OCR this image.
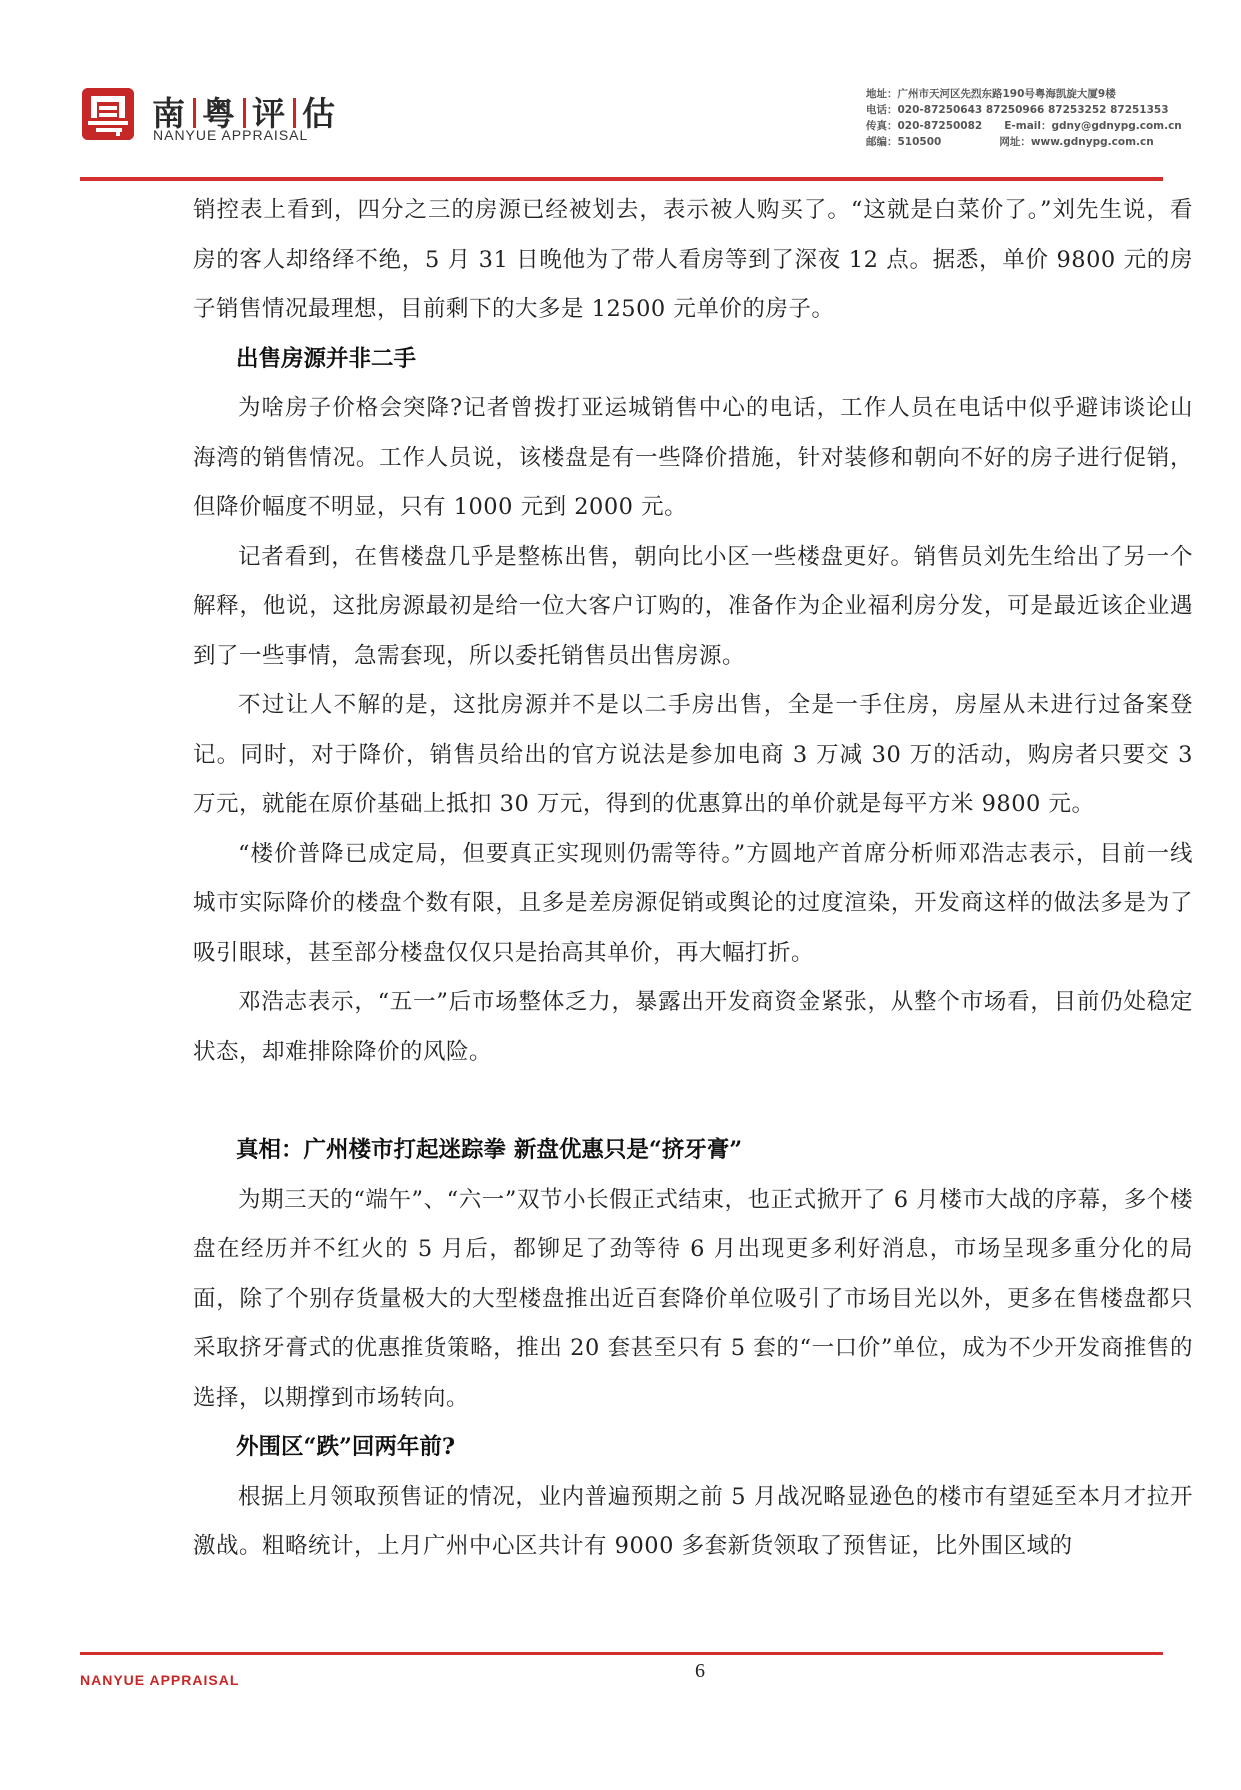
南 粤 评 估
NANYUE APPRAISAL
地址：广州市天河区先烈东路190号粤海凯旋大厦9楼
电话：020-87250643 87250966 87253252 87251353
传真：020-87250082 E-mail：gdny@gdnypg.com.cn
邮编：510500	网址：www.gdnypg.com.cn

销控表上看到，四分之三的房源已经被划去，表示被人购买了。“这就是白菜价了。”刘先生说，看房的客人却络绎不绝，5 月 31 日晚他为了带人看房等到了深夜 12 点。据悉，单价 9800 元的房子销售情况最理想，目前剩下的大多是 12500 元单价的房子。

出售房源并非二手

为啥房子价格会突降?记者曾拨打亚运城销售中心的电话，工作人员在电话中似乎避讳谈论山海湾的销售情况。工作人员说，该楼盘是有一些降价措施，针对装修和朝向不好的房子进行促销，但降价幅度不明显，只有 1000 元到 2000 元。

记者看到，在售楼盘几乎是整栋出售，朝向比小区一些楼盘更好。销售员刘先生给出了另一个解释，他说，这批房源最初是给一位大客户订购的，准备作为企业福利房分发，可是最近该企业遇到了一些事情，急需套现，所以委托销售员出售房源。

不过让人不解的是，这批房源并不是以二手房出售，全是一手住房，房屋从未进行过备案登记。同时，对于降价，销售员给出的官方说法是参加电商 3 万减 30 万的活动，购房者只要交 3 万元，就能在原价基础上抵扣 30 万元，得到的优惠算出的单价就是每平方米 9800 元。

“楼价普降已成定局，但要真正实现则仍需等待。”方圆地产首席分析师邓浩志表示，目前一线城市实际降价的楼盘个数有限，且多是差房源促销或舆论的过度渲染，开发商这样的做法多是为了吸引眼球，甚至部分楼盘仅仅只是抬高其单价，再大幅打折。

邓浩志表示，“五一”后市场整体乏力，暴露出开发商资金紧张，从整个市场看，目前仍处稳定状态，却难排除降价的风险。

真相：广州楼市打起迷踪拳 新盘优惠只是“挤牙膏”

为期三天的“端午”、“六一”双节小长假正式结束，也正式掀开了 6 月楼市大战的序幕，多个楼盘在经历并不红火的 5 月后，都铆足了劲等待 6 月出现更多利好消息，市场呈现多重分化的局面，除了个别存货量极大的大型楼盘推出近百套降价单位吸引了市场目光以外，更多在售楼盘都只采取挤牙膏式的优惠推货策略，推出 20 套甚至只有 5 套的“一口价”单位，成为不少开发商推售的选择，以期撑到市场转向。

外围区“跌”回两年前?

根据上月领取预售证的情况，业内普遍预期之前 5 月战况略显逊色的楼市有望延至本月才拉开激战。粗略统计，上月广州中心区共计有 9000 多套新货领取了预售证，比外围区域的

NANYUE APPRAISAL	6
